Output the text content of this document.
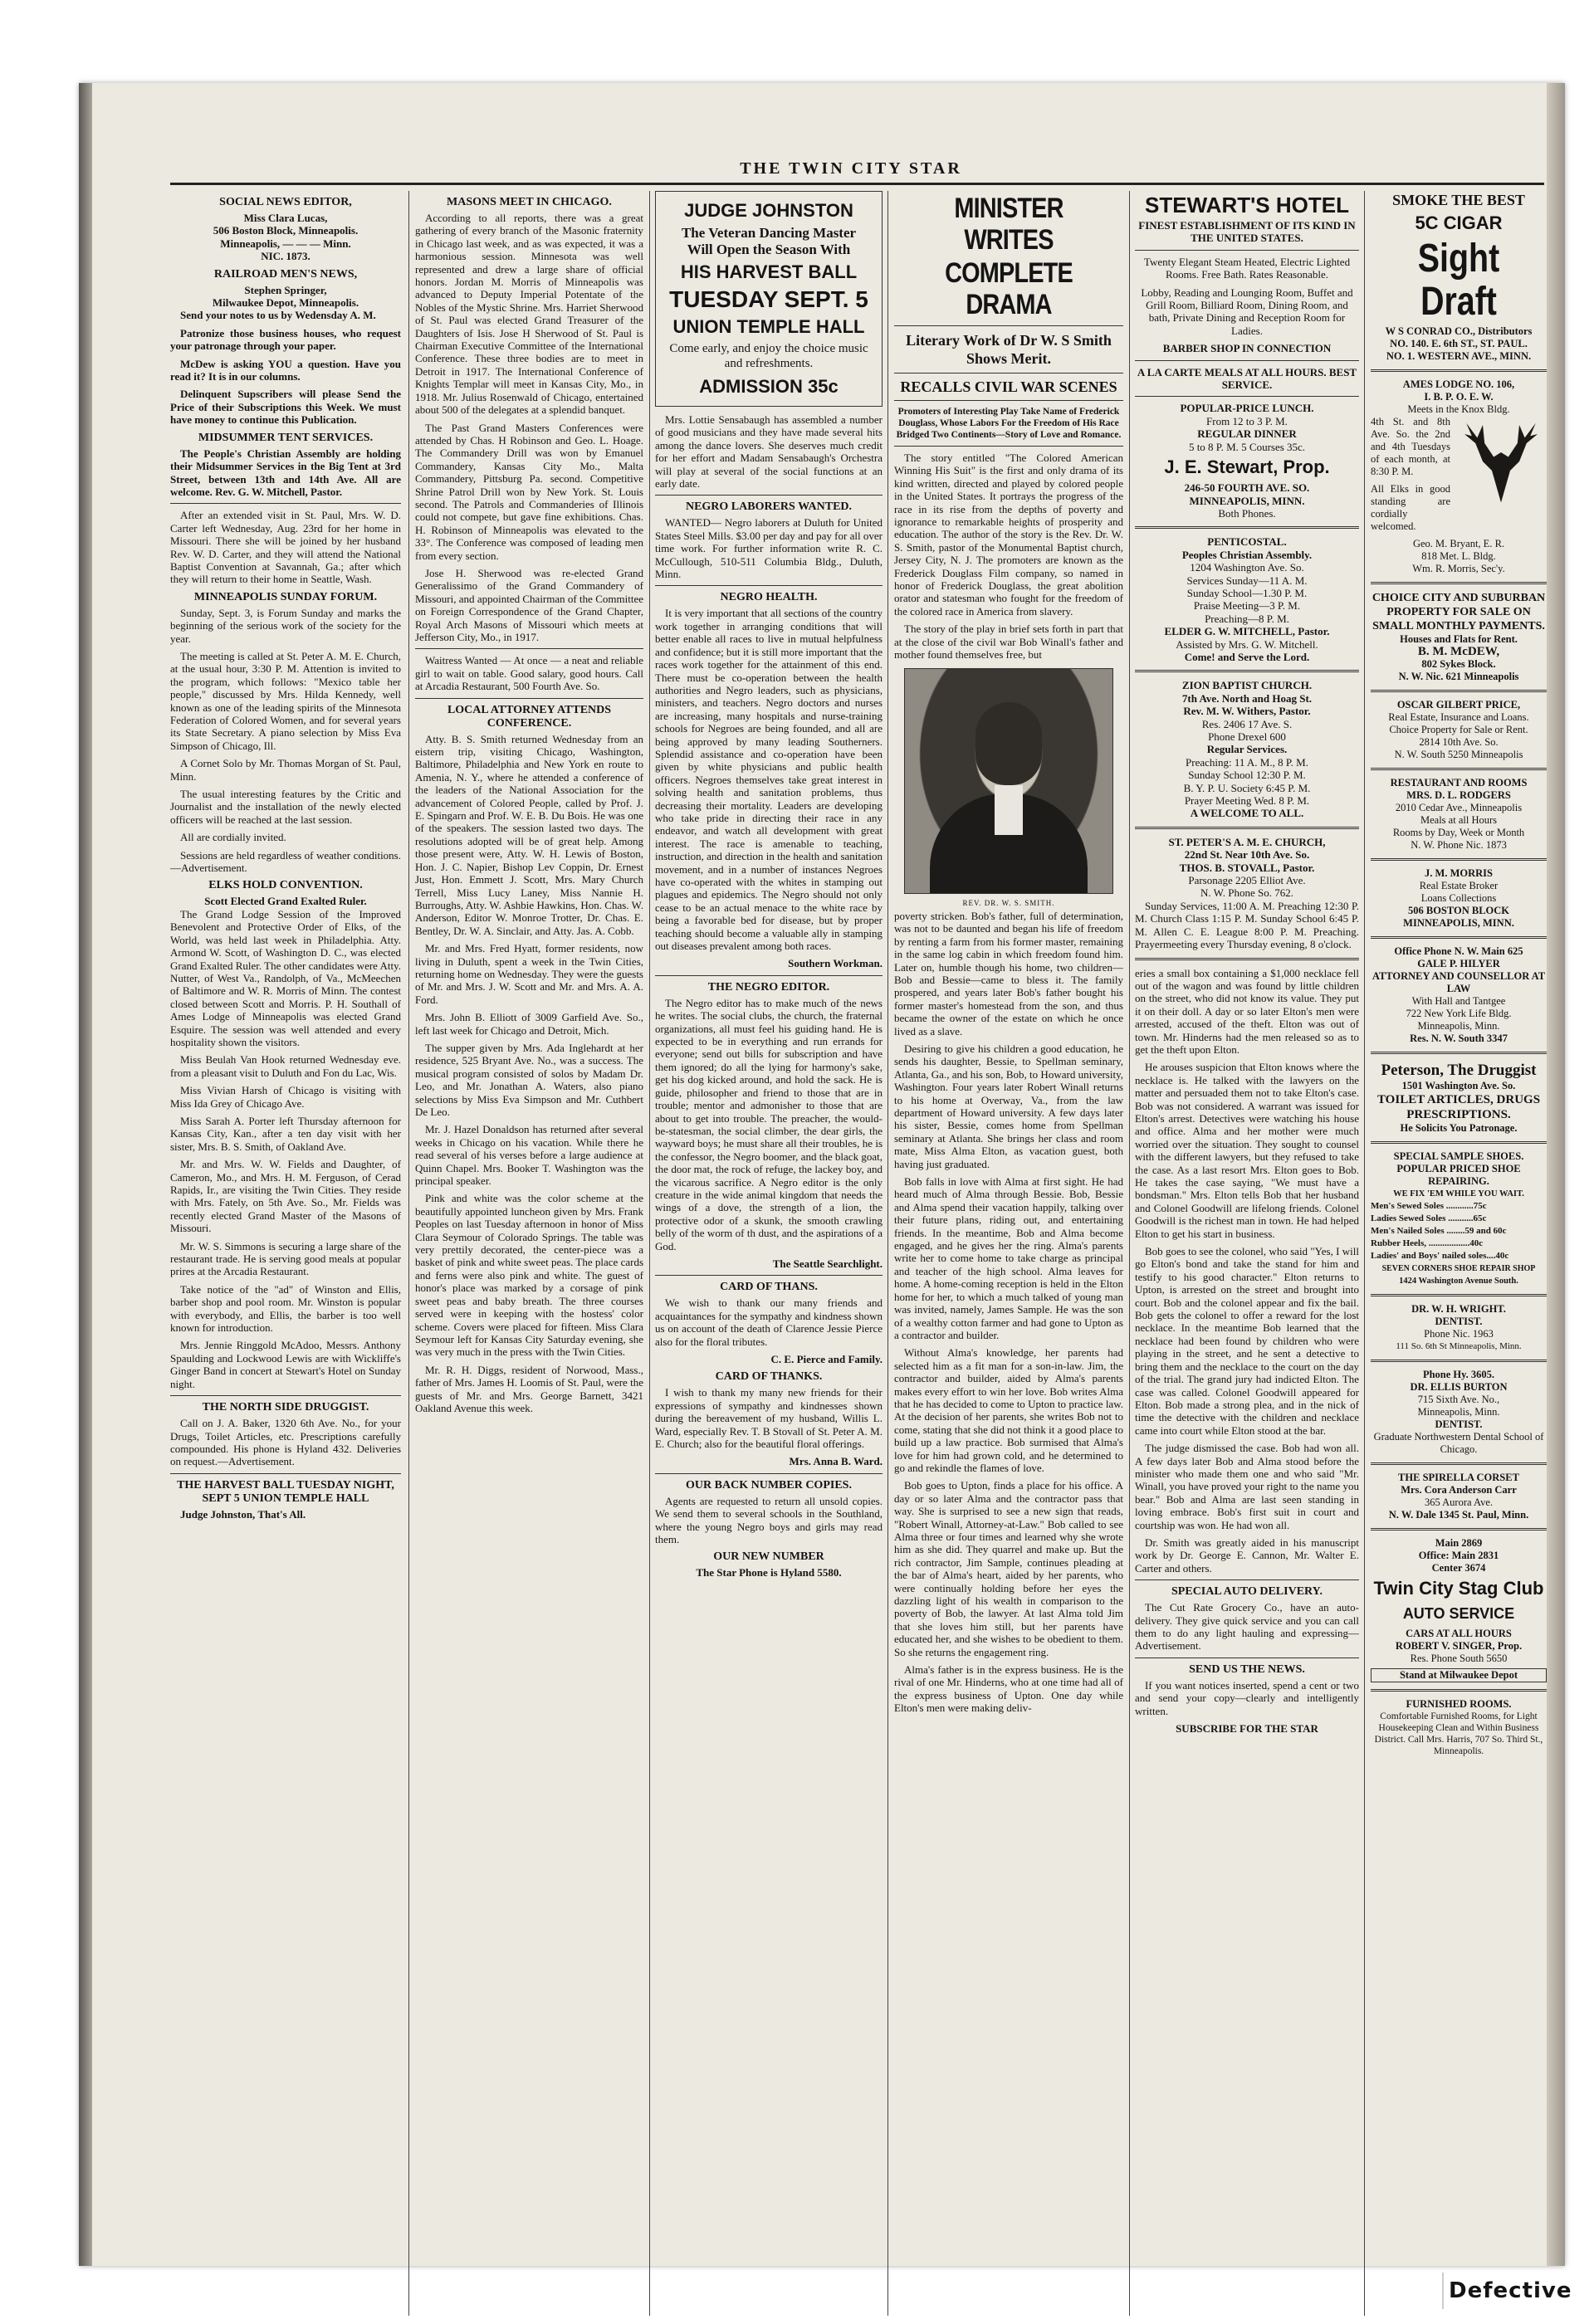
THE TWIN CITY STAR
SOCIAL NEWS EDITOR,
Miss Clara Lucas,
506 Boston Block, Minneapolis.
Minneapolis, — — — Minn.
NIC. 1873.
RAILROAD MEN'S NEWS,
Stephen Springer,
Milwaukee Depot, Minneapolis.

Send your notes to us by Wedensday A. M.

Patronize those business houses, who request your patronage through your paper.

McDew is asking YOU a question. Have you read it? It is in our columns.

Delinquent Supscribers will please Send the Price of their Subscriptions this Week. We must have money to continue this Publication.

MIDSUMMER TENT SERVICES.

The People's Christian Assembly are holding their Midsummer Services in the Big Tent at 3rd Street, between 13th and 14th Ave. All are welcome. Rev. G. W. Mitchell, Pastor.

After an extended visit in St. Paul, Mrs. W. D. Carter left Wednesday, Aug. 23rd for her home in Missouri. There she will be joined by her husband Rev. W. D. Carter, and they will attend the National Baptist Convention at Savannah, Ga.; after which they will return to their home in Seattle, Wash.

MINNEAPOLIS SUNDAY FORUM.

Sunday, Sept. 3, is Forum Sunday and marks the beginning of the serious work of the society for the year.

The meeting is called at St. Peter A. M. E. Church, at the usual hour, 3:30 P. M. Attention is invited to the program, which follows: "Mexico table her people," discussed by Mrs. Hilda Kennedy, well known as one of the leading spirits of the Minnesota Federation of Colored Women, and for several years its State Secretary. A piano selection by Miss Eva Simpson of Chicago, Ill.

A Cornet Solo by Mr. Thomas Morgan of St. Paul, Minn.

The usual interesting features by the Critic and Journalist and the installation of the newly elected officers will be reached at the last session.

All are cordially invited.

Sessions are held regardless of weather conditions.—Advertisement.

ELKS HOLD CONVENTION.
Scott Elected Grand Exalted Ruler.

The Grand Lodge Session of the Improved Benevolent and Protective Order of Elks, of the World, was held last week in Philadelphia. Atty. Armond W. Scott, of Washington D. C., was elected Grand Exalted Ruler. The other candidates were Atty. Nutter, of West Va., Randolph, of Va., McMeechen of Baltimore and W. R. Morris of Minn. The contest closed between Scott and Morris. P. H. Southall of Ames Lodge of Minneapolis was elected Grand Esquire. The session was well attended and every hospitality shown the visitors.

Miss Beulah Van Hook returned Wednesday eve. from a pleasant visit to Duluth and Fon du Lac, Wis.

Miss Vivian Harsh of Chicago is visiting with Miss Ida Grey of Chicago Ave.

Miss Sarah A. Porter left Thursday afternoon for Kansas City, Kan., after a ten day visit with her sister, Mrs. B. S. Smith, of Oakland Ave.

Mr. and Mrs. W. W. Fields and Daughter, of Cameron, Mo., and Mrs. H. M. Ferguson, of Cerad Rapids, Ir., are visiting the Twin Cities. They reside with Mrs. Fately, on 5th Ave. So., Mr. Fields was recently elected Grand Master of the Masons of Missouri.

Mr. W. S. Simmons is securing a large share of the restaurant trade. He is serving good meals at popular prires at the Arcadia Restaurant.

Take notice of the "ad" of Winston and Ellis, barber shop and pool room. Mr. Winston is popular with everybody, and Ellis, the barber is too well known for introduction.

Mrs. Jennie Ringgold McAdoo, Messrs. Anthony Spaulding and Lockwood Lewis are with Wickliffe's Ginger Band in concert at Stewart's Hotel on Sunday night.

THE NORTH SIDE DRUGGIST.

Call on J. A. Baker, 1320 6th Ave. No., for your Drugs, Toilet Articles, etc. Prescriptions carefully compounded. His phone is Hyland 432. Deliveries on request.—Advertisement.

THE HARVEST BALL TUESDAY NIGHT, SEPT 5 UNION TEMPLE HALL

Judge Johnston, That's All.

MASONS MEET IN CHICAGO.

According to all reports, there was a great gathering of every branch of the Masonic fraternity in Chicago last week, and as was expected, it was a harmonious session. Minnesota was well represented and drew a large share of official honors. Jordan M. Morris of Minneapolis was advanced to Deputy Imperial Potentate of the Nobles of the Mystic Shrine. Mrs. Harriet Sherwood of St. Paul was elected Grand Treasurer of the Daughters of Isis. Jose H Sherwood of St. Paul is Chairman Executive Committee of the International Conference. These three bodies are to meet in Detroit in 1917. The International Conference of Knights Templar will meet in Kansas City, Mo., in 1918. Mr. Julius Rosenwald of Chicago, entertained about 500 of the delegates at a splendid banquet.

The Past Grand Masters Conferences were attended by Chas. H Robinson and Geo. L. Hoage. The Commandery Drill was won by Emanuel Commandery, Kansas City Mo., Malta Commandery, Pittsburg Pa. second. Competitive Shrine Patrol Drill won by New York. St. Louis second. The Patrols and Commanderies of Illinois could not compete, but gave fine exhibitions. Chas. H. Robinson of Minneapolis was elevated to the 33°. The Conference was composed of leading men from every section.

Jose H. Sherwood was re-elected Grand Generalissimo of the Grand Commandery of Missouri, and appointed Chairman of the Committee on Foreign Correspondence of the Grand Chapter, Royal Arch Masons of Missouri which meets at Jefferson City, Mo., in 1917.

Waitress Wanted — At once — a neat and reliable girl to wait on table. Good salary, good hours. Call at Arcadia Restaurant, 500 Fourth Ave. So.

LOCAL ATTORNEY ATTENDS CONFERENCE.

Atty. B. S. Smith returned Wednesday from an eistern trip, visiting Chicago, Washington, Baltimore, Philadelphia and New York en route to Amenia, N. Y., where he attended a conference of the leaders of the National Association for the advancement of Colored People, called by Prof. J. E. Spingarn and Prof. W. E. B. Du Bois. He was one of the speakers. The session lasted two days. The resolutions adopted will be of great help. Among those present were, Atty. W. H. Lewis of Boston, Hon. J. C. Napier, Bishop Lev Coppin, Dr. Ernest Just, Hon. Emmett J. Scott, Mrs. Mary Church Terrell, Miss Lucy Laney, Miss Nannie H. Burroughs, Atty. W. Ashbie Hawkins, Hon. Chas. W. Anderson, Editor W. Monroe Trotter, Dr. Chas. E. Bentley, Dr. W. A. Sinclair, and Atty. Jas. A. Cobb.

Mr. and Mrs. Fred Hyatt, former residents, now living in Duluth, spent a week in the Twin Cities, returning home on Wednesday. They were the guests of Mr. and Mrs. J. W. Scott and Mr. and Mrs. A. A. Ford.

Mrs. John B. Elliott of 3009 Garfield Ave. So., left last week for Chicago and Detroit, Mich.

The supper given by Mrs. Ada Inglehardt at her residence, 525 Bryant Ave. No., was a success. The musical program consisted of solos by Madam Dr. Leo, and Mr. Jonathan A. Waters, also piano selections by Miss Eva Simpson and Mr. Cuthbert De Leo.

Mr. J. Hazel Donaldson has returned after several weeks in Chicago on his vacation. While there he read several of his verses before a large audience at Quinn Chapel. Mrs. Booker T. Washington was the principal speaker.

Pink and white was the color scheme at the beautifully appointed luncheon given by Mrs. Frank Peoples on last Tuesday afternoon in honor of Miss Clara Seymour of Colorado Springs. The table was very prettily decorated, the center-piece was a basket of pink and white sweet peas. The place cards and ferns were also pink and white. The guest of honor's place was marked by a corsage of pink sweet peas and baby breath. The three courses served were in keeping with the hostess' color scheme. Covers were placed for fifteen. Miss Clara Seymour left for Kansas City Saturday evening, she was very much in the press with the Twin Cities.

Mr. R. H. Diggs, resident of Norwood, Mass., father of Mrs. James H. Loomis of St. Paul, were the guests of Mr. and Mrs. George Barnett, 3421 Oakland Avenue this week.

JUDGE JOHNSTON
The Veteran Dancing Master
Will Open the Season With
HIS HARVEST BALL
TUESDAY SEPT. 5
UNION TEMPLE HALL

Come early, and enjoy the choice music and refreshments.

ADMISSION 35c

Mrs. Lottie Sensabaugh has assembled a number of good musicians and they have made several hits among the dance lovers. She deserves much credit for her effort and Madam Sensabaugh's Orchestra will play at several of the social functions at an early date.

NEGRO LABORERS WANTED.

WANTED— Negro laborers at Duluth for United States Steel Mills. $3.00 per day and pay for all over time work. For further information write R. C. McCullough, 510-511 Columbia Bldg., Duluth, Minn.

NEGRO HEALTH.

It is very important that all sections of the country work together in arranging conditions that will better enable all races to live in mutual helpfulness and confidence; but it is still more important that the races work together for the attainment of this end. There must be co-operation between the health authorities and Negro leaders, such as physicians, ministers, and teachers. Negro doctors and nurses are increasing, many hospitals and nurse-training schools for Negroes are being founded, and all are being approved by many leading Southerners. Splendid assistance and co-operation have been given by white physicians and public health officers. Negroes themselves take great interest in solving health and sanitation problems, thus decreasing their mortality. Leaders are developing who take pride in directing their race in any endeavor, and watch all development with great interest. The race is amenable to teaching, instruction, and direction in the health and sanitation movement, and in a number of instances Negroes have co-operated with the whites in stamping out plagues and epidemics. The Negro should not only cease to be an actual menace to the white race by being a favorable bed for disease, but by proper teaching should become a valuable ally in stamping out diseases prevalent among both races.

Southern Workman.

THE NEGRO EDITOR.

The Negro editor has to make much of the news he writes. The social clubs, the church, the fraternal organizations, all must feel his guiding hand. He is expected to be in everything and run errands for everyone; send out bills for subscription and have them ignored; do all the lying for harmony's sake, get his dog kicked around, and hold the sack. He is guide, philosopher and friend to those that are in trouble; mentor and admonisher to those that are about to get into trouble. The preacher, the would-be-statesman, the social climber, the dear girls, the wayward boys; he must share all their troubles, he is the confessor, the Negro boomer, and the black goat, the door mat, the rock of refuge, the lackey boy, and the vicarous sacrifice. A Negro editor is the only creature in the wide animal kingdom that needs the wings of a dove, the strength of a lion, the protective odor of a skunk, the smooth crawling belly of the worm of th dust, and the aspirations of a God.

The Seattle Searchlight.

CARD OF THANS.

We wish to thank our many friends and acquaintances for the sympathy and kindness shown us on account of the death of Clarence Jessie Pierce also for the floral tributes.

C. E. Pierce and Family.

CARD OF THANKS.

I wish to thank my many new friends for their expressions of sympathy and kindnesses shown during the bereavement of my husband, Willis L. Ward, especially Rev. T. B Stovall of St. Peter A. M. E. Church; also for the beautiful floral offerings.

Mrs. Anna B. Ward.

OUR BACK NUMBER COPIES.

Agents are requested to return all unsold copies. We send them to several schools in the Southland, where the young Negro boys and girls may read them.

OUR NEW NUMBER

The Star Phone is Hyland 5580.

MINISTER WRITES
COMPLETE DRAMA
Literary Work of Dr W. S Smith Shows Merit.
RECALLS CIVIL WAR SCENES

Promoters of Interesting Play Take Name of Frederick Douglass, Whose Labors For the Freedom of His Race Bridged Two Continents—Story of Love and Romance.

The story entitled "The Colored American Winning His Suit" is the first and only drama of its kind written, directed and played by colored people in the United States. It portrays the progress of the race in its rise from the depths of poverty and ignorance to remarkable heights of prosperity and education. The author of the story is the Rev. Dr. W. S. Smith, pastor of the Monumental Baptist church, Jersey City, N. J. The promoters are known as the Frederick Douglass Film company, so named in honor of Frederick Douglass, the great abolition orator and statesman who fought for the freedom of the colored race in America from slavery.

The story of the play in brief sets forth in part that at the close of the civil war Bob Winall's father and mother found themselves free, but

REV. DR. W. S. SMITH.

poverty stricken. Bob's father, full of determination, was not to be daunted and began his life of freedom by renting a farm from his former master, remaining in the same log cabin in which freedom found him. Later on, humble though his home, two children—Bob and Bessie—came to bless it. The family prospered, and years later Bob's father bought his former master's homestead from the son, and thus became the owner of the estate on which he once lived as a slave.

Desiring to give his children a good education, he sends his daughter, Bessie, to Spellman seminary, Atlanta, Ga., and his son, Bob, to Howard university, Washington. Four years later Robert Winall returns to his home at Overway, Va., from the law department of Howard university. A few days later his sister, Bessie, comes home from Spellman seminary at Atlanta. She brings her class and room mate, Miss Alma Elton, as vacation guest, both having just graduated.

Bob falls in love with Alma at first sight. He had heard much of Alma through Bessie. Bob, Bessie and Alma spend their vacation happily, talking over their future plans, riding out, and entertaining friends. In the meantime, Bob and Alma become engaged, and he gives her the ring. Alma's parents write her to come home to take charge as principal and teacher of the high school. Alma leaves for home. A home-coming reception is held in the Elton home for her, to which a much talked of young man was invited, namely, James Sample. He was the son of a wealthy cotton farmer and had gone to Upton as a contractor and builder.

Without Alma's knowledge, her parents had selected him as a fit man for a son-in-law. Jim, the contractor and builder, aided by Alma's parents makes every effort to win her love. Bob writes Alma that he has decided to come to Upton to practice law. At the decision of her parents, she writes Bob not to come, stating that she did not think it a good place to build up a law practice. Bob surmised that Alma's love for him had grown cold, and he determined to go and rekindle the flames of love.

Bob goes to Upton, finds a place for his office. A day or so later Alma and the contractor pass that way. She is surprised to see a new sign that reads, "Robert Winall, Attorney-at-Law." Bob called to see Alma three or four times and learned why she wrote him as she did. They quarrel and make up. But the rich contractor, Jim Sample, continues pleading at the bar of Alma's heart, aided by her parents, who were continually holding before her eyes the dazzling light of his wealth in comparison to the poverty of Bob, the lawyer. At last Alma told Jim that she loves him still, but her parents have educated her, and she wishes to be obedient to them. So she returns the engagement ring.

Alma's father is in the express business. He is the rival of one Mr. Hinderns, who at one time had all of the express business of Upton. One day while Elton's men were making deliv-

STEWART'S HOTEL
FINEST ESTABLISHMENT OF ITS KIND IN THE UNITED STATES.

Twenty Elegant Steam Heated, Electric Lighted Rooms. Free Bath. Rates Reasonable.

Lobby, Reading and Lounging Room, Buffet and Grill Room, Billiard Room, Dining Room, and bath, Private Dining and Reception Room for Ladies.

BARBER SHOP IN CONNECTION
A LA CARTE MEALS AT ALL HOURS. BEST SERVICE.
POPULAR-PRICE LUNCH.
From 12 to 3 P. M.
REGULAR DINNER
5 to 8 P. M. 5 Courses 35c.
J. E. Stewart, Prop.
246-50 FOURTH AVE. SO.
MINNEAPOLIS, MINN.
Both Phones.
PENTICOSTAL.
Peoples Christian Assembly.
1204 Washington Ave. So.
Services Sunday—11 A. M.
Sunday School—1.30 P. M.
Praise Meeting—3 P. M.
Preaching—8 P. M.
ELDER G. W. MITCHELL, Pastor.
Assisted by Mrs. G. W. Mitchell.
Come! and Serve the Lord.
ZION BAPTIST CHURCH.
7th Ave. North and Hoag St.
Rev. M. W. Withers, Pastor.
Res. 2406 17 Ave. S.
Phone Drexel 600
Regular Services.
Preaching: 11 A. M., 8 P. M.
Sunday School 12:30 P. M.
B. Y. P. U. Society 6:45 P. M.
Prayer Meeting Wed. 8 P. M.
A WELCOME TO ALL.
ST. PETER'S A. M. E. CHURCH,
22nd St. Near 10th Ave. So.
THOS. B. STOVALL, Pastor.
Parsonage 2205 Elliot Ave.
N. W. Phone So. 762.

Sunday Services, 11:00 A. M. Preaching 12:30 P. M. Church Class 1:15 P. M. Sunday School 6:45 P. M. Allen C. E. League 8:00 P. M. Preaching. Prayermeeting every Thursday evening, 8 o'clock.

eries a small box containing a $1,000 necklace fell out of the wagon and was found by little children on the street, who did not know its value. They put it on their doll. A day or so later Elton's men were arrested, accused of the theft. Elton was out of town. Mr. Hinderns had the men released so as to get the theft upon Elton.

He arouses suspicion that Elton knows where the necklace is. He talked with the lawyers on the matter and persuaded them not to take Elton's case. Bob was not considered. A warrant was issued for Elton's arrest. Detectives were watching his house and office. Alma and her mother were much worried over the situation. They sought to counsel with the different lawyers, but they refused to take the case. As a last resort Mrs. Elton goes to Bob. He takes the case saying, "We must have a bondsman." Mrs. Elton tells Bob that her husband and Colonel Goodwill are lifelong friends. Colonel Goodwill is the richest man in town. He had helped Elton to get his start in business.

Bob goes to see the colonel, who said "Yes, I will go Elton's bond and take the stand for him and testify to his good character." Elton returns to Upton, is arrested on the street and brought into court. Bob and the colonel appear and fix the bail. Bob gets the colonel to offer a reward for the lost necklace. In the meantime Bob learned that the necklace had been found by children who were playing in the street, and he sent a detective to bring them and the necklace to the court on the day of the trial. The grand jury had indicted Elton. The case was called. Colonel Goodwill appeared for Elton. Bob made a strong plea, and in the nick of time the detective with the children and necklace came into court while Elton stood at the bar.

The judge dismissed the case. Bob had won all. A few days later Bob and Alma stood before the minister who made them one and who said "Mr. Winall, you have proved your right to the name you bear." Bob and Alma are last seen standing in loving embrace. Bob's first suit in court and courtship was won. He had won all.

Dr. Smith was greatly aided in his manuscript work by Dr. George E. Cannon, Mr. Walter E. Carter and others.

SPECIAL AUTO DELIVERY.

The Cut Rate Grocery Co., have an auto-delivery. They give quick service and you can call them to do any light hauling and expressing—Advertisement.

SEND US THE NEWS.

If you want notices inserted, spend a cent or two and send your copy—clearly and intelligently written.

SUBSCRIBE FOR THE STAR
SMOKE THE BEST
5C CIGAR
Sight Draft
W S CONRAD CO., Distributors
NO. 140. E. 6th ST., ST. PAUL.
NO. 1. WESTERN AVE., MINN.
AMES LODGE NO. 106,
I. B. P. O. E. W.
Meets in the Knox Bldg.

4th St. and 8th Ave. So. the 2nd and 4th Tuesdays of each month, at 8:30 P. M.

All Elks in good standing are cordially welcomed.

Geo. M. Bryant, E. R.
818 Met. L. Bldg.
Wm. R. Morris, Sec'y.
CHOICE CITY AND SUBURBAN PROPERTY FOR SALE ON SMALL MONTHLY PAYMENTS.
Houses and Flats for Rent.
B. M. McDEW,
802 Sykes Block.
N. W. Nic. 621 Minneapolis
OSCAR GILBERT PRICE,
Real Estate, Insurance and Loans.
Choice Property for Sale or Rent.
2814 10th Ave. So.
N. W. South 5250 Minneapolis
RESTAURANT AND ROOMS
MRS. D. L. RODGERS
2010 Cedar Ave., Minneapolis
Meals at all Hours
Rooms by Day, Week or Month
N. W. Phone Nic. 1873
J. M. MORRIS
Real Estate Broker
Loans Collections
506 BOSTON BLOCK
MINNEAPOLIS, MINN.
Office Phone N. W. Main 625
GALE P. HILYER
ATTORNEY AND COUNSELLOR AT LAW
With Hall and Tantgee
722 New York Life Bldg.
Minneapolis, Minn.
Res. N. W. South 3347
Peterson, The Druggist
1501 Washington Ave. So.
TOILET ARTICLES, DRUGS PRESCRIPTIONS.
He Solicits You Patronage.
SPECIAL SAMPLE SHOES. POPULAR PRICED SHOE REPAIRING.
WE FIX 'EM WHILE YOU WAIT.
Men's Sewed Soles ............75c
Ladies Sewed Soles ...........65c
Men's Nailed Soles ........59 and 60c
Rubber Heels, ..................40c
Ladies' and Boys' nailed soles....40c
SEVEN CORNERS SHOE REPAIR SHOP
1424 Washington Avenue South.
DR. W. H. WRIGHT.
DENTIST.
Phone Nic. 1963
111 So. 6th St Minneapolis, Minn.
Phone Hy. 3605.
DR. ELLIS BURTON
715 Sixth Ave. No.,
Minneapolis, Minn.
DENTIST.
Graduate Northwestern Dental School of Chicago.
THE SPIRELLA CORSET
Mrs. Cora Anderson Carr
365 Aurora Ave.
N. W. Dale 1345 St. Paul, Minn.
Main 2869
Office: Main 2831
Center 3674
Twin City Stag Club
AUTO SERVICE
CARS AT ALL HOURS
ROBERT V. SINGER, Prop.
Res. Phone South 5650
Stand at Milwaukee Depot
FURNISHED ROOMS.

Comfortable Furnished Rooms, for Light Housekeeping Clean and Within Business District. Call Mrs. Harris, 707 So. Third St., Minneapolis.

Defective
